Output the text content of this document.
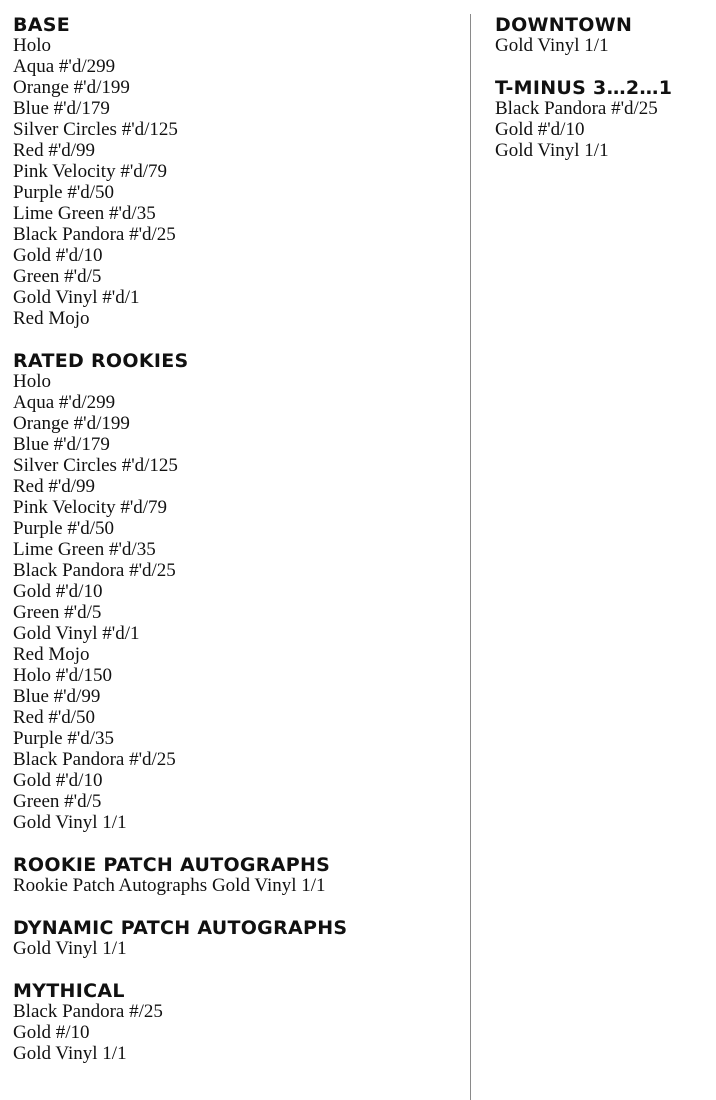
BASE
Holo
Aqua #'d/299
Orange #'d/199
Blue #'d/179
Silver Circles #'d/125
Red #'d/99
Pink Velocity #'d/79
Purple #'d/50
Lime Green #'d/35
Black Pandora #'d/25
Gold #'d/10
Green #'d/5
Gold Vinyl #'d/1
Red Mojo
RATED ROOKIES
Holo
Aqua #'d/299
Orange #'d/199
Blue #'d/179
Silver Circles #'d/125
Red #'d/99
Pink Velocity #'d/79
Purple #'d/50
Lime Green #'d/35
Black Pandora #'d/25
Gold #'d/10
Green #'d/5
Gold Vinyl #'d/1
Red Mojo
Holo #'d/150
Blue #'d/99
Red #'d/50
Purple #'d/35
Black Pandora #'d/25
Gold #'d/10
Green #'d/5
Gold Vinyl 1/1
ROOKIE PATCH AUTOGRAPHS
Rookie Patch Autographs Gold Vinyl 1/1
DYNAMIC PATCH AUTOGRAPHS
Gold Vinyl 1/1
MYTHICAL
Black Pandora #/25
Gold #/10
Gold Vinyl 1/1
DOWNTOWN
Gold Vinyl 1/1
T-MINUS 3…2…1
Black Pandora #'d/25
Gold #'d/10
Gold Vinyl 1/1
